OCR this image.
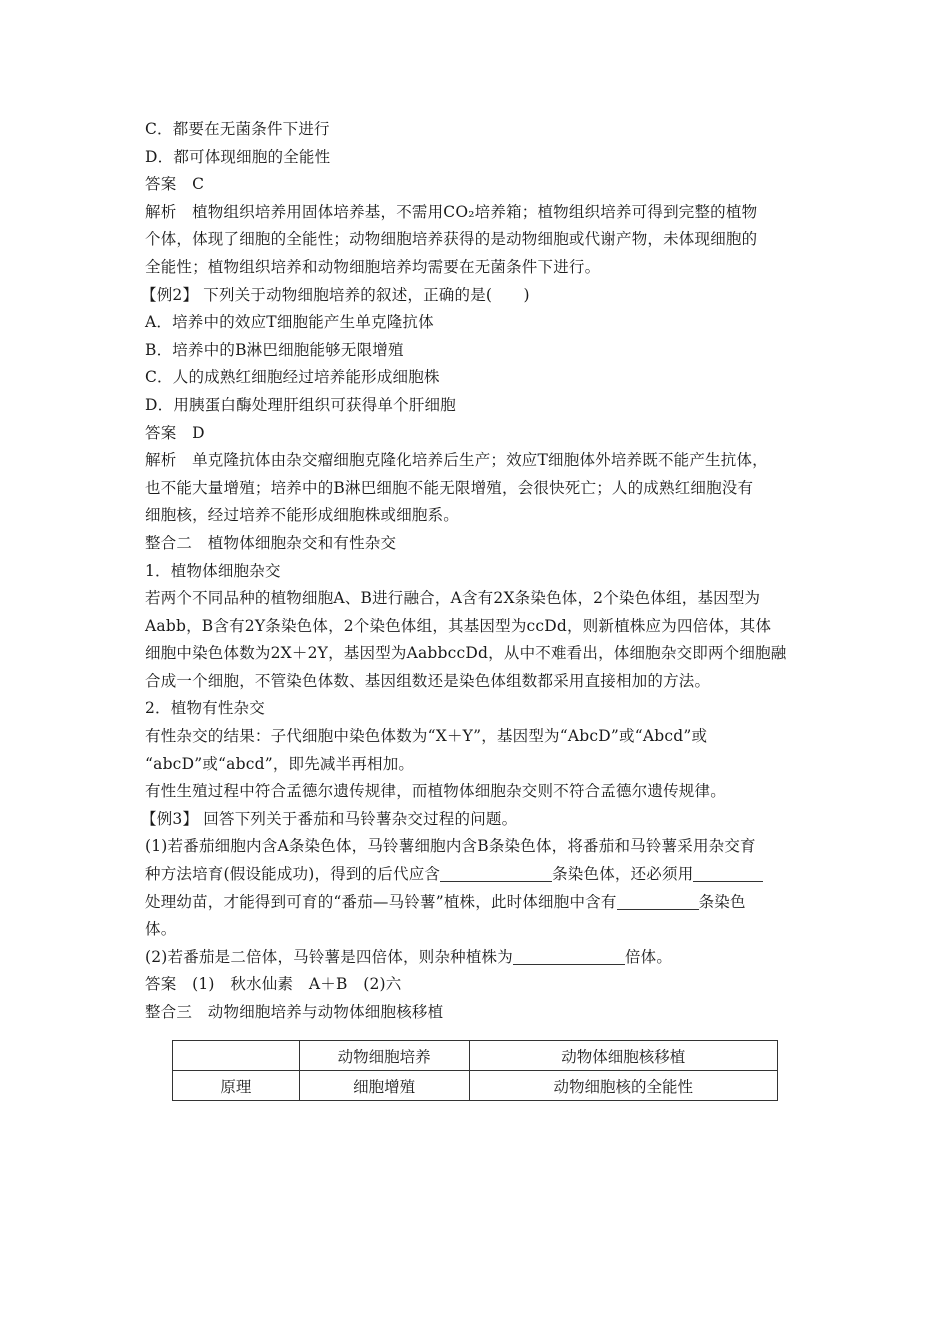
C．都要在无菌条件下进行
D．都可体现细胞的全能性
答案　C
解析　植物组织培养用固体培养基，不需用CO₂培养箱；植物组织培养可得到完整的植物
个体，体现了细胞的全能性；动物细胞培养获得的是动物细胞或代谢产物，未体现细胞的
全能性；植物组织培养和动物细胞培养均需要在无菌条件下进行。
【例2】 下列关于动物细胞培养的叙述，正确的是(　　)
A．培养中的效应T细胞能产生单克隆抗体
B．培养中的B淋巴细胞能够无限增殖
C．人的成熟红细胞经过培养能形成细胞株
D．用胰蛋白酶处理肝组织可获得单个肝细胞
答案　D
解析　单克隆抗体由杂交瘤细胞克隆化培养后生产；效应T细胞体外培养既不能产生抗体，
也不能大量增殖；培养中的B淋巴细胞不能无限增殖，会很快死亡；人的成熟红细胞没有
细胞核，经过培养不能形成细胞株或细胞系。
整合二　植物体细胞杂交和有性杂交
1．植物体细胞杂交
若两个不同品种的植物细胞A、B进行融合，A含有2X条染色体，2个染色体组，基因型为
Aabb，B含有2Y条染色体，2个染色体组，其基因型为ccDd，则新植株应为四倍体，其体
细胞中染色体数为2X＋2Y，基因型为AabbccDd，从中不难看出，体细胞杂交即两个细胞融
合成一个细胞，不管染色体数、基因组数还是染色体组数都采用直接相加的方法。
2．植物有性杂交
有性杂交的结果：子代细胞中染色体数为“X＋Y”，基因型为“AbcD”或“Abcd”或
“abcD”或“abcd”，即先减半再相加。
有性生殖过程中符合孟德尔遗传规律，而植物体细胞杂交则不符合孟德尔遗传规律。
【例3】 回答下列关于番茄和马铃薯杂交过程的问题。
(1)若番茄细胞内含A条染色体，马铃薯细胞内含B条染色体，将番茄和马铃薯采用杂交育
种方法培育(假设能成功)，得到的后代应含	条染色体，还必须用
处理幼苗，才能得到可育的“番茄—马铃薯”植株，此时体细胞中含有	条染色
体。
(2)若番茄是二倍体，马铃薯是四倍体，则杂种植株为	倍体。
答案　(1)　秋水仙素　A＋B　(2)六
整合三　动物细胞培养与动物体细胞核移植
	动物细胞培养	动物体细胞核移植
原理	细胞增殖	动物细胞核的全能性
